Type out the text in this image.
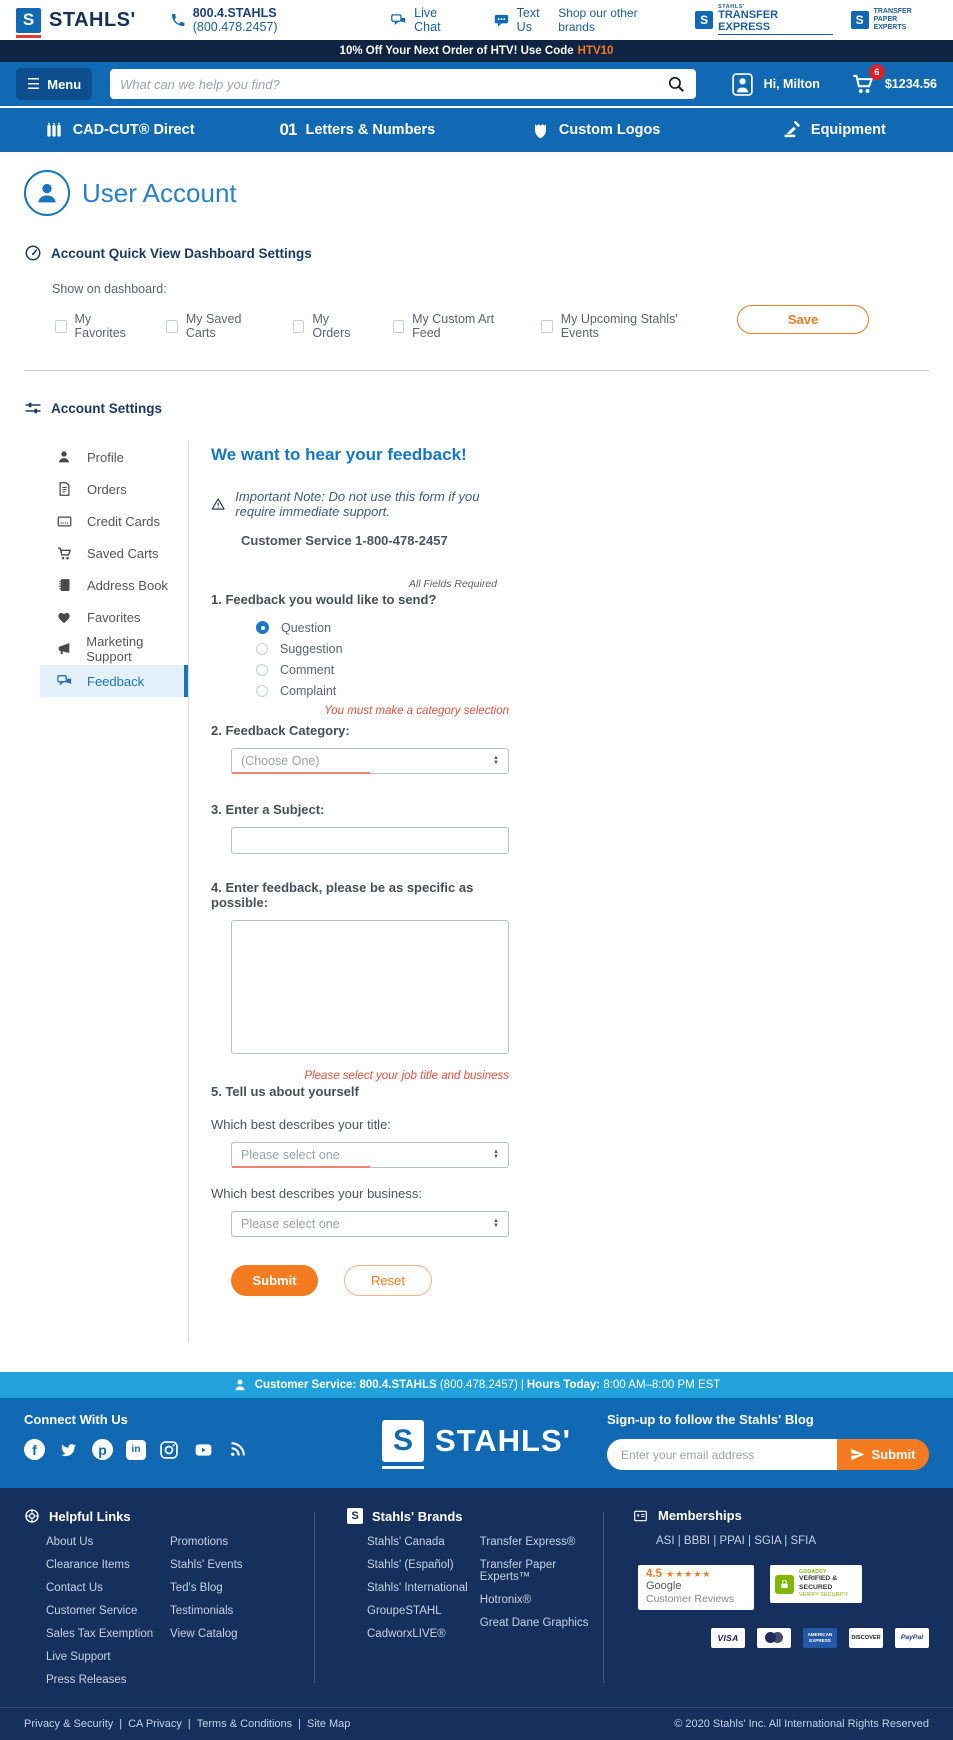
S STAHLS'	800.4.STAHLS (800.478.2457)
Live Chat
Text Us
Shop our other brands	S
STAHLS'
TRANSFER EXPRESS	S
TRANSFER PAPER
EXPERTS
10% Off Your Next Order of HTV! Use Code HTV10
☰ Menu
What can we help you find?	Hi, Milton
6
$1234.56
CAD-CUT® Direct	01 Letters & Numbers	Custom Logos	Equipment
User Account
Account Quick View Dashboard Settings
Show on dashboard:
My Favorites
My Saved Carts
My Orders
My Custom Art Feed
My Upcoming Stahls' Events
Save
Account Settings
Profile
Orders
Credit Cards
Saved Carts
Address Book
Favorites
Marketing Support
Feedback
We want to hear your feedback!
Important Note: Do not use this form if you require immediate support.
Customer Service 1-800-478-2457
All Fields Required
1. Feedback you would like to send?
Question
Suggestion
Comment
Complaint
You must make a category selection
2. Feedback Category:
(Choose One)	▲
▼
3. Enter a Subject:
4. Enter feedback, please be as specific as possible:
Please select your job title and business
5. Tell us about yourself
Which best describes your title:
Please select one	▲
▼
Which best describes your business:
Please select one	▲
▼
Submit	Reset
Customer Service: 800.4.STAHLS (800.478.2457) | Hours Today: 8:00 AM–8:00 PM EST
Connect With Us
f	p	in	S STAHLS'
Sign-up to follow the Stahls' Blog
Enter your email address
Submit
Helpful Links
About Us
Clearance Items
Contact Us
Customer Service
Sales Tax Exemption
Live Support
Press Releases
Promotions
Stahls' Events
Ted's Blog
Testimonials
View Catalog
S	Stahls' Brands
Stahls' Canada
Stahls' (Español)
Stahls' International
GroupeSTAHL
CadworxLIVE®
Transfer Express®
Transfer Paper Experts™
Hotronix®
Great Dane Graphics
Memberships
ASI | BBBI | PPAI | SGIA | SFIA
4.5 ★★★★★
Google
Customer Reviews
GODADDY
VERIFIED & SECURED
VERIFY SECURITY
VISA	AMERICAN EXPRESS	DISCOVER	PayPal
Privacy & Security	| CA Privacy	| Terms & Conditions	| Site Map	© 2020 Stahls' Inc. All International Rights Reserved
